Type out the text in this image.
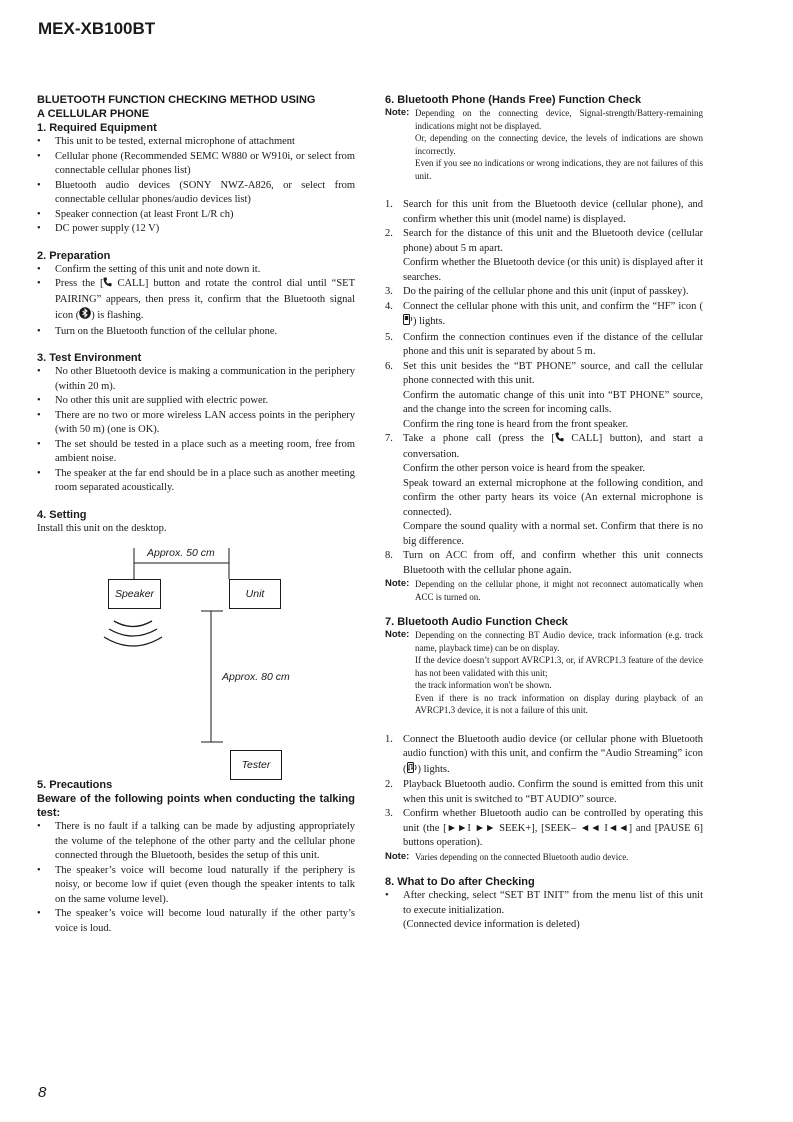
MEX-XB100BT
BLUETOOTH FUNCTION CHECKING METHOD USING
A CELLULAR PHONE
1. Required Equipment
• This unit to be tested, external microphone of attachment
• Cellular phone (Recommended SEMC W880 or W910i, or select from connectable cellular phones list)
• Bluetooth audio devices (SONY NWZ-A826, or select from connectable cellular phones/audio devices list)
• Speaker connection (at least Front L/R ch)
• DC power supply (12 V)
2. Preparation
• Confirm the setting of this unit and note down it.
• Press the [ CALL] button and rotate the control dial until “SET PAIRING” appears, then press it, confirm that the Bluetooth signal icon ( ) is flashing.
• Turn on the Bluetooth function of the cellular phone.
3. Test Environment
• No other Bluetooth device is making a communication in the periphery (within 20 m).
• No other this unit are supplied with electric power.
• There are no two or more wireless LAN access points in the periphery (with 50 m) (one is OK).
• The set should be tested in a place such as a meeting room, free from ambient noise.
• The speaker at the far end should be in a place such as another meeting room separated acoustically.
4. Setting
Install this unit on the desktop.
Approx. 50 cm
Approx. 80 cm
Speaker	Unit
Tester
5. Precautions
Beware of the following points when conducting the talking test:
• There is no fault if a talking can be made by adjusting appropriately the volume of the telephone of the other party and the cellular phone connected through the Bluetooth, besides the setup of this unit.
• The speaker’s voice will become loud naturally if the periphery is noisy, or become low if quiet (even though the speaker intents to talk on the same volume level).
• The speaker’s voice will become loud naturally if the other party’s voice is loud.
6. Bluetooth Phone (Hands Free) Function Check
Note: Depending on the connecting device, Signal-strength/Battery-remaining indications might not be displayed.
Or, depending on the connecting device, the levels of indications are shown incorrectly.
Even if you see no indications or wrong indications, they are not failures of this unit.
1. Search for this unit from the Bluetooth device (cellular phone), and confirm whether this unit (model name) is displayed.
2. Search for the distance of this unit and the Bluetooth device (cellular phone) about 5 m apart.
Confirm whether the Bluetooth device (or this unit) is displayed after it searches.
3. Do the pairing of the cellular phone and this unit (input of passkey).
4. Connect the cellular phone with this unit, and confirm the “HF” icon () lights.
5. Confirm the connection continues even if the distance of the cellular phone and this unit is separated by about 5 m.
6. Set this unit besides the “BT PHONE” source, and call the cellular phone connected with this unit.
Confirm the automatic change of this unit into “BT PHONE” source, and the change into the screen for incoming calls.
Confirm the ring tone is heard from the front speaker.
7. Take a phone call (press the [ CALL] button), and start a conversation.
Confirm the other person voice is heard from the speaker.
Speak toward an external microphone at the following condition, and confirm the other party hears its voice (An external microphone is connected).
Compare the sound quality with a normal set. Confirm that there is no big difference.
8. Turn on ACC from off, and confirm whether this unit connects Bluetooth with the cellular phone again.
Note: Depending on the cellular phone, it might not reconnect automatically when ACC is turned on.
7. Bluetooth Audio Function Check
Note: Depending on the connecting BT Audio device, track information (e.g. track name, playback time) can be on display.
If the device doesn’t support AVRCP1.3, or, if AVRCP1.3 feature of the device has not been validated with this unit;
the track information won't be shown.
Even if there is no track information on display during playback of an AVRCP1.3 device, it is not a failure of this unit.
1. Connect the Bluetooth audio device (or cellular phone with Bluetooth audio function) with this unit, and confirm the “Audio Streaming” icon ( ) lights.
2. Playback Bluetooth audio. Confirm the sound is emitted from this unit when this unit is switched to “BT AUDIO” source.
3. Confirm whether Bluetooth audio can be controlled by operating this unit (the [►►I ►► SEEK+], [SEEK– ◄◄ I◄◄] and [PAUSE 6] buttons operation).
Note: Varies depending on the connected Bluetooth audio device.
8. What to Do after Checking
• After checking, select “SET BT INIT” from the menu list of this unit to execute initialization.
(Connected device information is deleted)
8
